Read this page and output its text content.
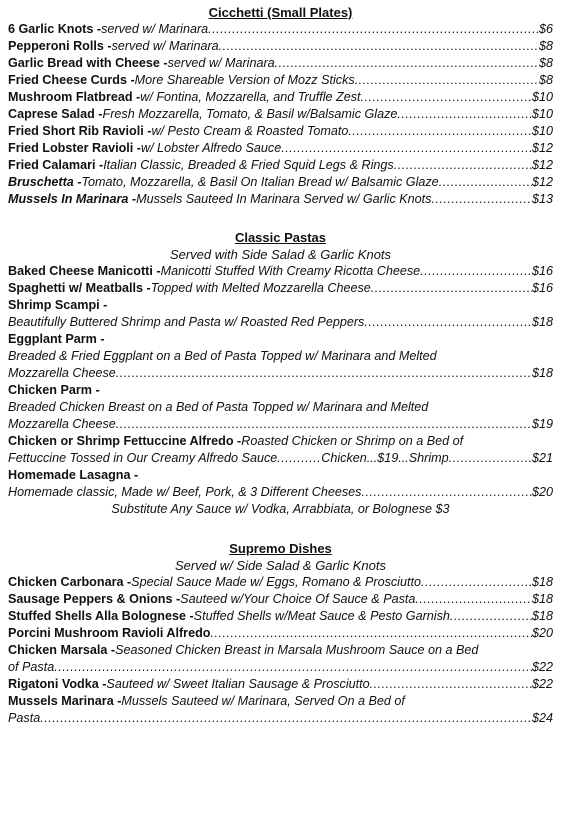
Cicchetti (Small Plates)
6 Garlic Knots - served w/ Marinara .....	$6
Pepperoni Rolls - served w/ Marinara .....	$8
Garlic Bread with Cheese - served w/ Marinara .....	$8
Fried Cheese Curds - More Shareable Version of Mozz Sticks .....	$8
Mushroom Flatbread - w/ Fontina, Mozzarella, and Truffle Zest .....	$10
Caprese Salad - Fresh Mozzarella, Tomato, & Basil w/Balsamic Glaze .....	$10
Fried Short Rib Ravioli - w/ Pesto Cream & Roasted Tomato .....	$10
Fried Lobster Ravioli - w/ Lobster Alfredo Sauce .....	$12
Fried Calamari - Italian Classic, Breaded & Fried Squid Legs & Rings .....	$12
Bruschetta - Tomato, Mozzarella, & Basil On Italian Bread w/ Balsamic Glaze .....	$12
Mussels In Marinara - Mussels Sauteed In Marinara Served w/ Garlic Knots .....	$13
Classic Pastas
Served with Side Salad & Garlic Knots
Baked Cheese Manicotti - Manicotti Stuffed With Creamy Ricotta Cheese .....	$16
Spaghetti w/ Meatballs - Topped with Melted Mozzarella Cheese .....	$16
Shrimp Scampi -
Beautifully Buttered Shrimp and Pasta w/ Roasted Red Peppers .....	$18
Eggplant Parm -
Breaded & Fried Eggplant on a Bed of Pasta Topped w/ Marinara and Melted
Mozzarella Cheese .....	$18
Chicken Parm -
Breaded Chicken Breast on a Bed of Pasta Topped w/ Marinara and Melted
Mozzarella Cheese .....	$19
Chicken or Shrimp Fettuccine Alfredo - Roasted Chicken or Shrimp on a Bed of
Fettuccine Tossed in Our Creamy Alfredo Sauce .....	Chicken...$19 ... Shrimp .....	$21
Homemade Lasagna -
Homemade classic, Made w/ Beef, Pork, & 3 Different Cheeses .....	$20
Substitute Any Sauce w/ Vodka, Arrabbiata, or Bolognese $3
Supremo Dishes
Served w/ Side Salad & Garlic Knots
Chicken Carbonara - Special Sauce Made w/ Eggs, Romano & Prosciutto .....	$18
Sausage Peppers & Onions - Sauteed w/Your Choice Of Sauce & Pasta .....	$18
Stuffed Shells Alla Bolognese - Stuffed Shells w/Meat Sauce & Pesto Garnish .....	$18
Porcini Mushroom Ravioli Alfredo .....	$20
Chicken Marsala - Seasoned Chicken Breast in Marsala Mushroom Sauce on a Bed
of Pasta .....	$22
Rigatoni Vodka - Sauteed w/ Sweet Italian Sausage & Prosciutto .....	$22
Mussels Marinara - Mussels Sauteed w/ Marinara, Served On a Bed of
Pasta .....	$24
